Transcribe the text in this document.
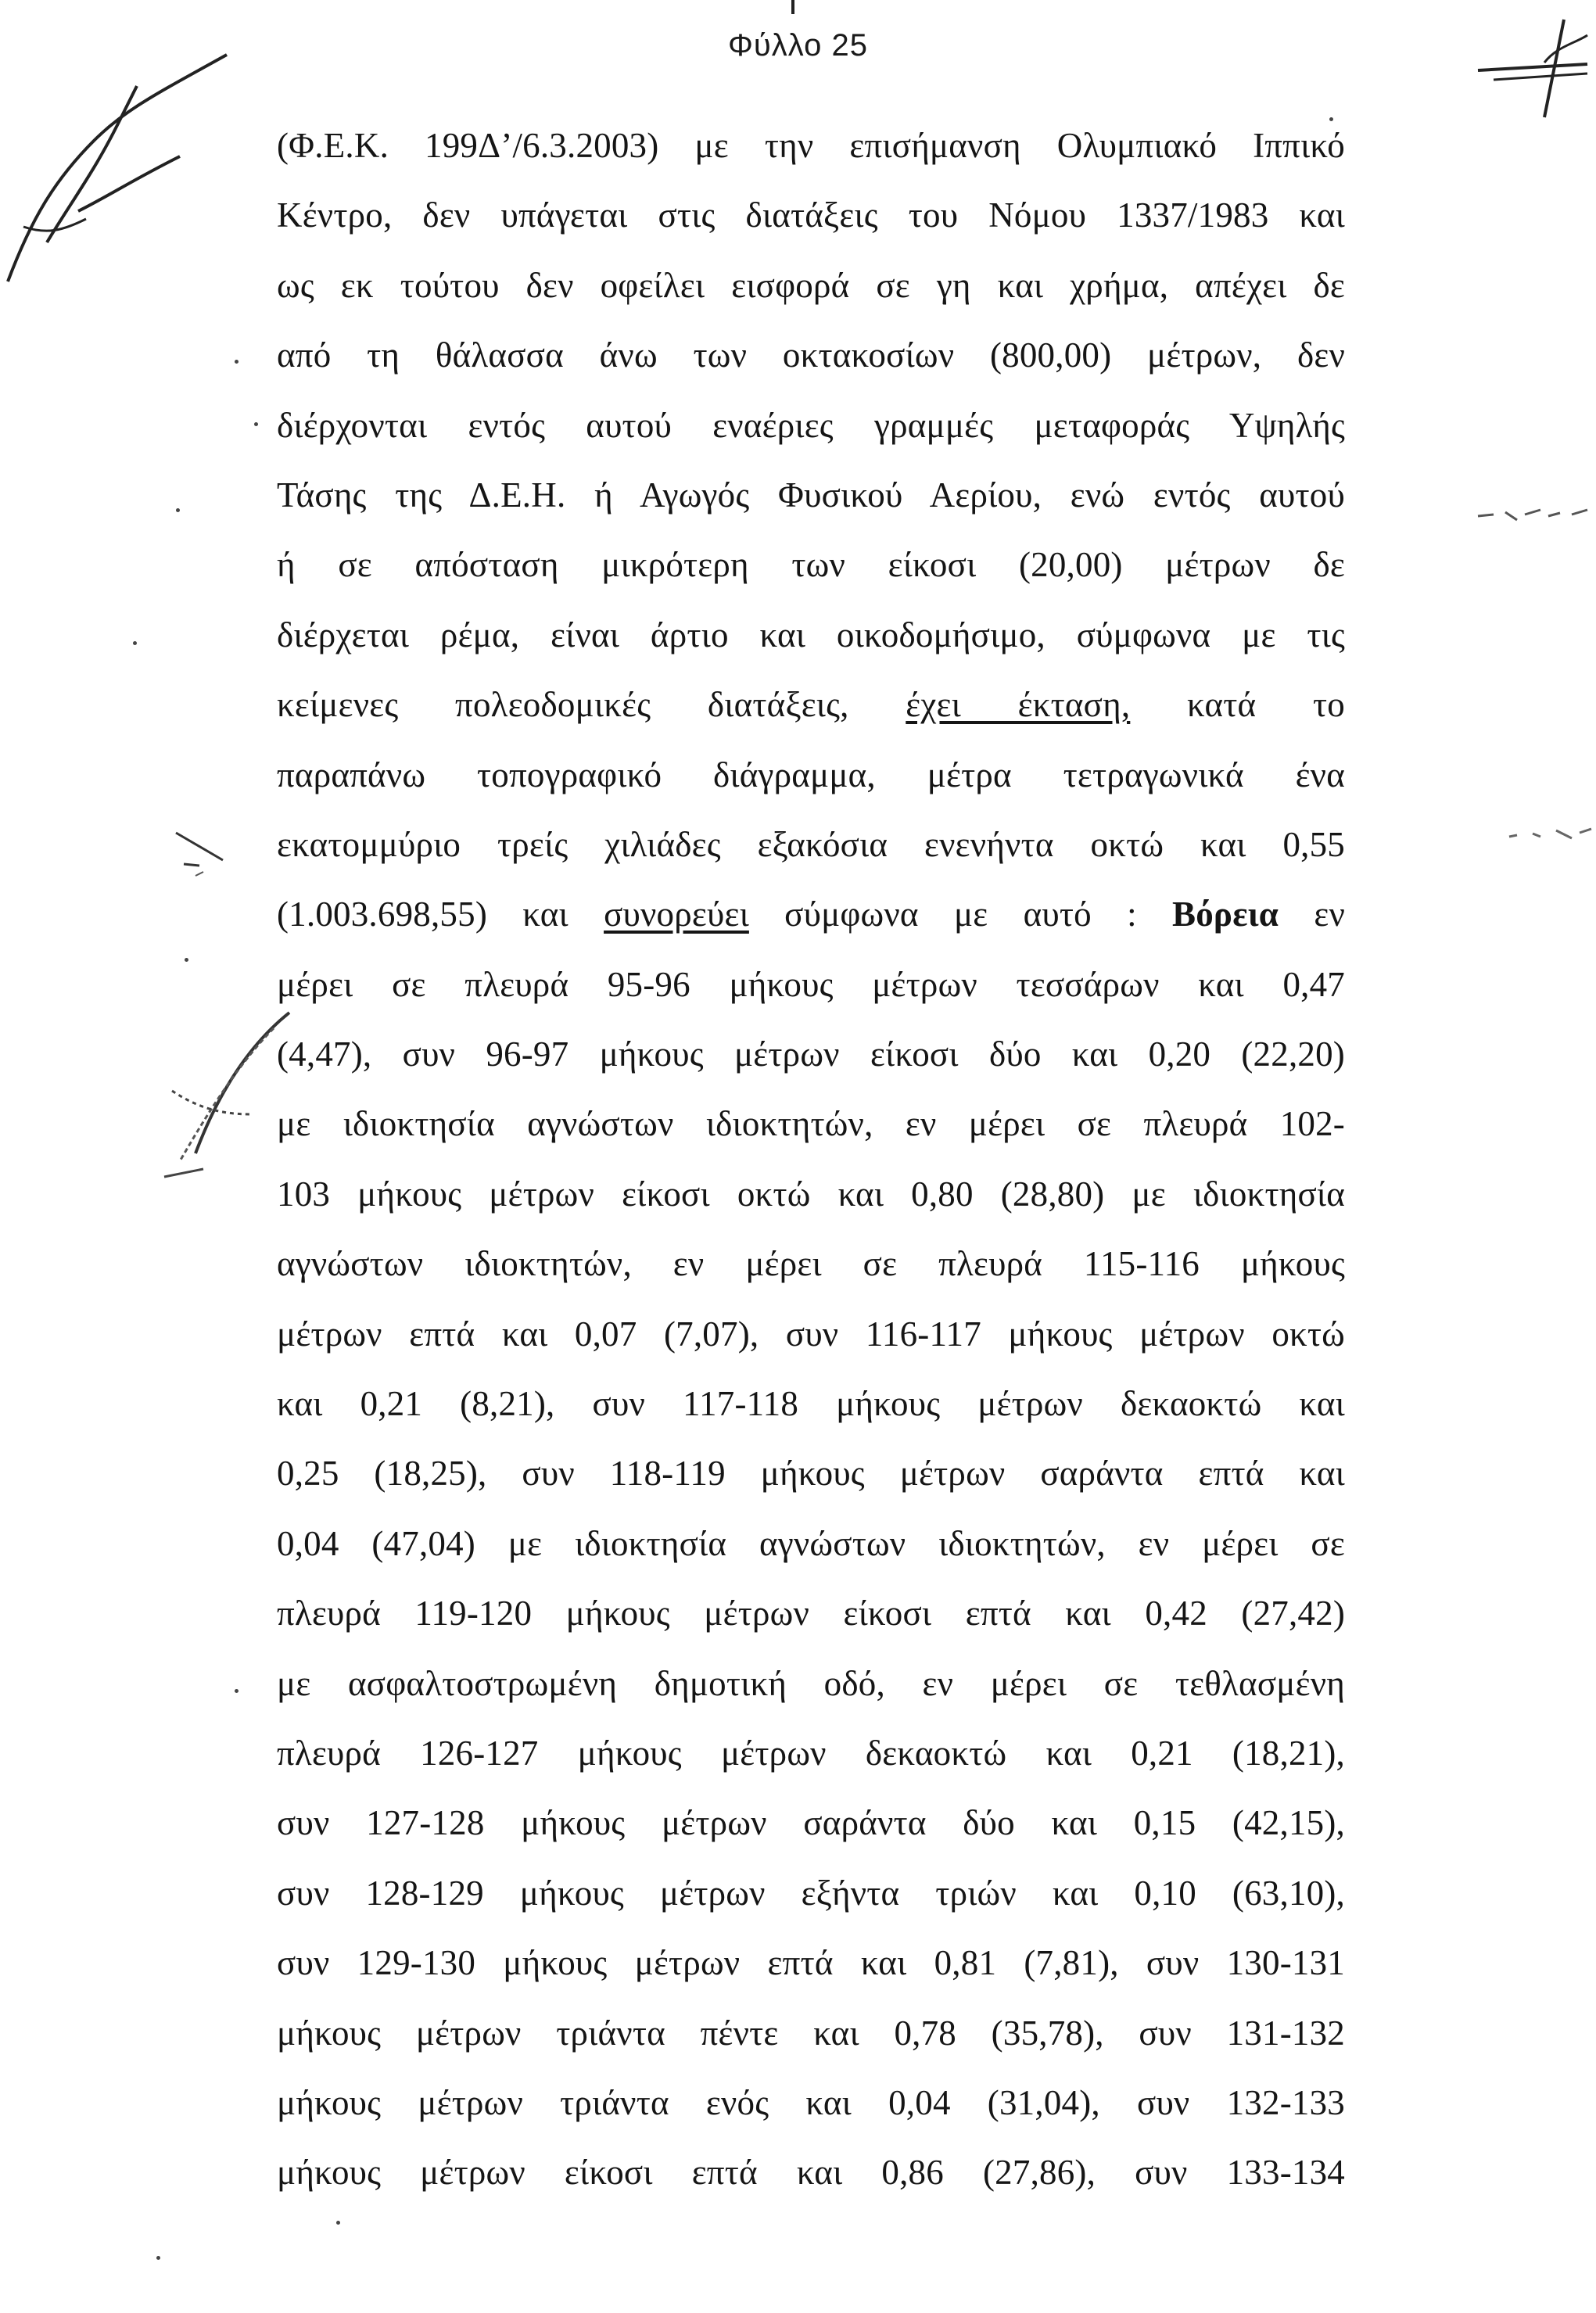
Φύλλο 25
(Φ.Ε.Κ. 199Δ’/6.3.2003) με την επισήμανση Ολυμπιακό Ιππικό
Κέντρο, δεν υπάγεται στις διατάξεις του Νόμου 1337/1983 και
ως εκ τούτου δεν οφείλει εισφορά σε γη και χρήμα, απέχει δε
από τη θάλασσα άνω των οκτακοσίων (800,00) μέτρων, δεν
διέρχονται εντός αυτού εναέριες γραμμές μεταφοράς Υψηλής
Τάσης της Δ.Ε.Η. ή Αγωγός Φυσικού Αερίου, ενώ εντός αυτού
ή σε απόσταση μικρότερη των είκοσι (20,00) μέτρων δε
διέρχεται ρέμα, είναι άρτιο και οικοδομήσιμο, σύμφωνα με τις
κείμενες πολεοδομικές διατάξεις, έχει έκταση, κατά το
παραπάνω τοπογραφικό διάγραμμα, μέτρα τετραγωνικά ένα
εκατομμύριο τρείς χιλιάδες εξακόσια ενενήντα οκτώ και 0,55
(1.003.698,55) και συνορεύει σύμφωνα με αυτό : Βόρεια εν
μέρει σε πλευρά 95-96 μήκους μέτρων τεσσάρων και 0,47
(4,47), συν 96-97 μήκους μέτρων είκοσι δύο και 0,20 (22,20)
με ιδιοκτησία αγνώστων ιδιοκτητών, εν μέρει σε πλευρά 102-
103 μήκους μέτρων είκοσι οκτώ και 0,80 (28,80) με ιδιοκτησία
αγνώστων ιδιοκτητών, εν μέρει σε πλευρά 115-116 μήκους
μέτρων επτά και 0,07 (7,07), συν 116-117 μήκους μέτρων οκτώ
και 0,21 (8,21), συν 117-118 μήκους μέτρων δεκαοκτώ και
0,25 (18,25), συν 118-119 μήκους μέτρων σαράντα επτά και
0,04 (47,04) με ιδιοκτησία αγνώστων ιδιοκτητών, εν μέρει σε
πλευρά 119-120 μήκους μέτρων είκοσι επτά και 0,42 (27,42)
με ασφαλτοστρωμένη δημοτική οδό, εν μέρει σε τεθλασμένη
πλευρά 126-127 μήκους μέτρων δεκαοκτώ και 0,21 (18,21),
συν 127-128 μήκους μέτρων σαράντα δύο και 0,15 (42,15),
συν 128-129 μήκους μέτρων εξήντα τριών και 0,10 (63,10),
συν 129-130 μήκους μέτρων επτά και 0,81 (7,81), συν 130-131
μήκους μέτρων τριάντα πέντε και 0,78 (35,78), συν 131-132
μήκους μέτρων τριάντα ενός και 0,04 (31,04), συν 132-133
μήκους μέτρων είκοσι επτά και 0,86 (27,86), συν 133-134
